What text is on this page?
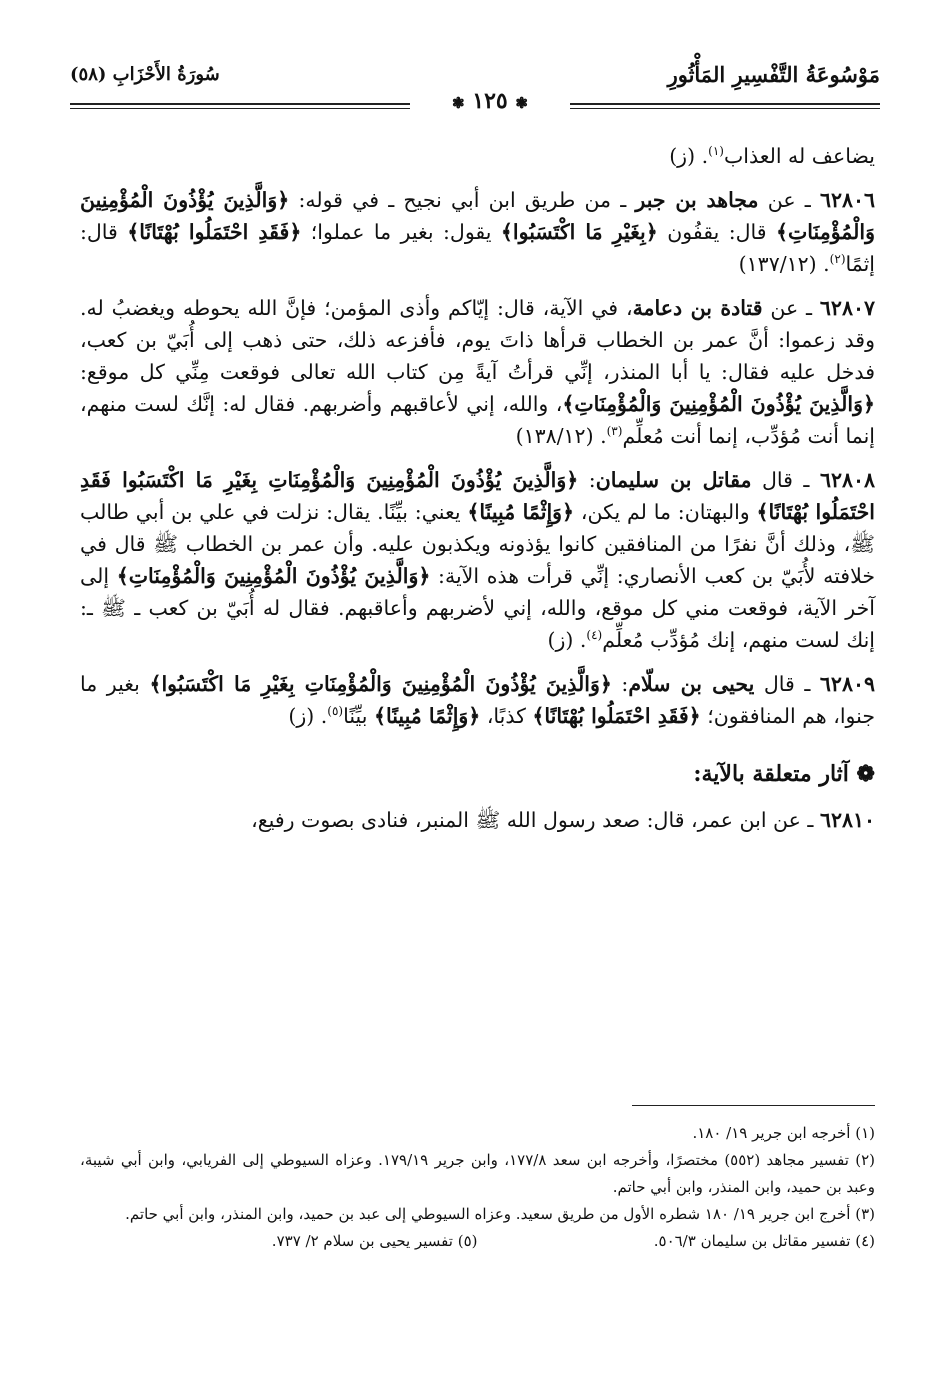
مَوْسُوعَةُ التَّفْسِيرِ المَأْثُورِ
سُورَةُ الأَحْزَابِ (٥٨)
❃ ١٢٥ ❃

يضاعف له العذاب$^{(١)}$. (ز)

٦٢٨٠٦ ـ عن مجاهد بن جبر ـ من طريق ابن أبي نجيح ـ في قوله: ﴿وَالَّذِينَ يُؤْذُونَ الْمُؤْمِنِينَ وَالْمُؤْمِنَاتِ﴾ قال: يقفُون ﴿بِغَيْرِ مَا اكْتَسَبُوا﴾ يقول: بغير ما عملوا؛ ﴿فَقَدِ احْتَمَلُوا بُهْتَانًا﴾ قال: إثمًا$^{(٢)}$. (١٣٧/١٢)

٦٢٨٠٧ ـ عن قتادة بن دعامة، في الآية، قال: إيّاكم وأذى المؤمن؛ فإنَّ الله يحوطه ويغضبُ له. وقد زعموا: أنَّ عمر بن الخطاب قرأها ذاتَ يوم، فأفزعه ذلك، حتى ذهب إلى أُبَيّ بن كعب، فدخل عليه فقال: يا أبا المنذر، إنِّي قرأتُ آيةً مِن كتاب الله تعالى فوقعت مِنِّي كل موقع: ﴿وَالَّذِينَ يُؤْذُونَ الْمُؤْمِنِينَ وَالْمُؤْمِنَاتِ﴾، والله، إني لأعاقبهم وأضربهم. فقال له: إنَّك لست منهم، إنما أنت مُؤدِّب، إنما أنت مُعلِّم$^{(٣)}$. (١٣٨/١٢)

٦٢٨٠٨ ـ قال مقاتل بن سليمان: ﴿وَالَّذِينَ يُؤْذُونَ الْمُؤْمِنِينَ وَالْمُؤْمِنَاتِ بِغَيْرِ مَا اكْتَسَبُوا فَقَدِ احْتَمَلُوا بُهْتَانًا﴾ والبهتان: ما لم يكن، ﴿وَإِثْمًا مُبِينًا﴾ يعني: بيِّنًا. يقال: نزلت في علي بن أبي طالب ﷺ، وذلك أنَّ نفرًا من المنافقين كانوا يؤذونه ويكذبون عليه. وأن عمر بن الخطاب ﷺ قال في خلافته لأُبَيّ بن كعب الأنصاري: إنِّي قرأت هذه الآية: ﴿وَالَّذِينَ يُؤْذُونَ الْمُؤْمِنِينَ وَالْمُؤْمِنَاتِ﴾ إلى آخر الآية، فوقعت مني كل موقع، والله، إني لأضربهم وأعاقبهم. فقال له أُبَيّ بن كعب ـ ﷺ ـ: إنك لست منهم، إنك مُؤدِّب مُعلِّم$^{(٤)}$. (ز)

٦٢٨٠٩ ـ قال يحيى بن سلّام: ﴿وَالَّذِينَ يُؤْذُونَ الْمُؤْمِنِينَ وَالْمُؤْمِنَاتِ بِغَيْرِ مَا اكْتَسَبُوا﴾ بغير ما جنوا، هم المنافقون؛ ﴿فَقَدِ احْتَمَلُوا بُهْتَانًا﴾ كذبًا، ﴿وَإِثْمًا مُبِينًا﴾ بيِّنًا$^{(٥)}$. (ز)

❁ آثار متعلقة بالآية:

٦٢٨١٠ ـ عن ابن عمر، قال: صعد رسول الله ﷺ المنبر، فنادى بصوت رفيع،

(١) أخرجه ابن جرير ١٩/ ١٨٠.
(٢) تفسير مجاهد (٥٥٢) مختصرًا، وأخرجه ابن سعد ١٧٧/٨، وابن جرير ١٧٩/١٩. وعزاه السيوطي إلى الفريابي، وابن أبي شيبة، وعبد بن حميد، وابن المنذر، وابن أبي حاتم.
(٣) أخرج ابن جرير ١٩/ ١٨٠ شطره الأول من طريق سعيد. وعزاه السيوطي إلى عبد بن حميد، وابن المنذر، وابن أبي حاتم.
(٤) تفسير مقاتل بن سليمان ٥٠٦/٣.
(٥) تفسير يحيى بن سلام ٢/ ٧٣٧.
